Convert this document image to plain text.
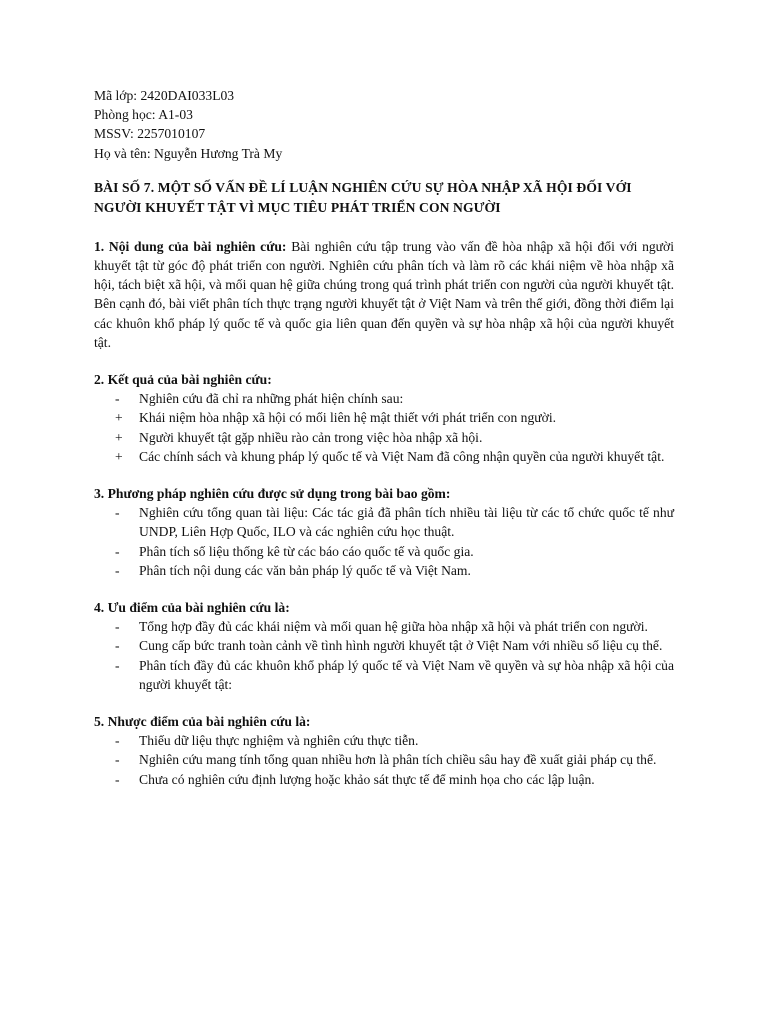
Mã lớp: 2420DAI033L03

Phòng học: A1-03

MSSV: 2257010107

Họ và tên: Nguyễn Hương Trà My

BÀI SỐ 7. MỘT SỐ VẤN ĐỀ LÍ LUẬN NGHIÊN CỨU SỰ HÒA NHẬP XÃ HỘI ĐỐI VỚI NGƯỜI KHUYẾT TẬT VÌ MỤC TIÊU PHÁT TRIỂN CON NGƯỜI

1. Nội dung của bài nghiên cứu: Bài nghiên cứu tập trung vào vấn đề hòa nhập xã hội đối với người khuyết tật từ góc độ phát triển con người. Nghiên cứu phân tích và làm rõ các khái niệm về hòa nhập xã hội, tách biệt xã hội, và mối quan hệ giữa chúng trong quá trình phát triển con người của người khuyết tật. Bên cạnh đó, bài viết phân tích thực trạng người khuyết tật ở Việt Nam và trên thế giới, đồng thời điểm lại các khuôn khổ pháp lý quốc tế và quốc gia liên quan đến quyền và sự hòa nhập xã hội của người khuyết tật.

2. Kết quả của bài nghiên cứu:

-	Nghiên cứu đã chỉ ra những phát hiện chính sau:
+	Khái niệm hòa nhập xã hội có mối liên hệ mật thiết với phát triển con người.
+	Người khuyết tật gặp nhiều rào cản trong việc hòa nhập xã hội.
+	Các chính sách và khung pháp lý quốc tế và Việt Nam đã công nhận quyền của người khuyết tật.

3. Phương pháp nghiên cứu được sử dụng trong bài bao gồm:

-	Nghiên cứu tổng quan tài liệu: Các tác giả đã phân tích nhiều tài liệu từ các tổ chức quốc tế như UNDP, Liên Hợp Quốc, ILO và các nghiên cứu học thuật.
-	Phân tích số liệu thống kê từ các báo cáo quốc tế và quốc gia.
-	Phân tích nội dung các văn bản pháp lý quốc tế và Việt Nam.

4. Ưu điểm của bài nghiên cứu là:

-	Tổng hợp đầy đủ các khái niệm và mối quan hệ giữa hòa nhập xã hội và phát triển con người.
-	Cung cấp bức tranh toàn cảnh về tình hình người khuyết tật ở Việt Nam với nhiều số liệu cụ thể.
-	Phân tích đầy đủ các khuôn khổ pháp lý quốc tế và Việt Nam về quyền và sự hòa nhập xã hội của người khuyết tật:

5. Nhược điểm của bài nghiên cứu là:

-	Thiếu dữ liệu thực nghiệm và nghiên cứu thực tiễn.
-	Nghiên cứu mang tính tổng quan nhiều hơn là phân tích chiều sâu hay đề xuất giải pháp cụ thể.
-	Chưa có nghiên cứu định lượng hoặc khảo sát thực tế để minh họa cho các lập luận.
